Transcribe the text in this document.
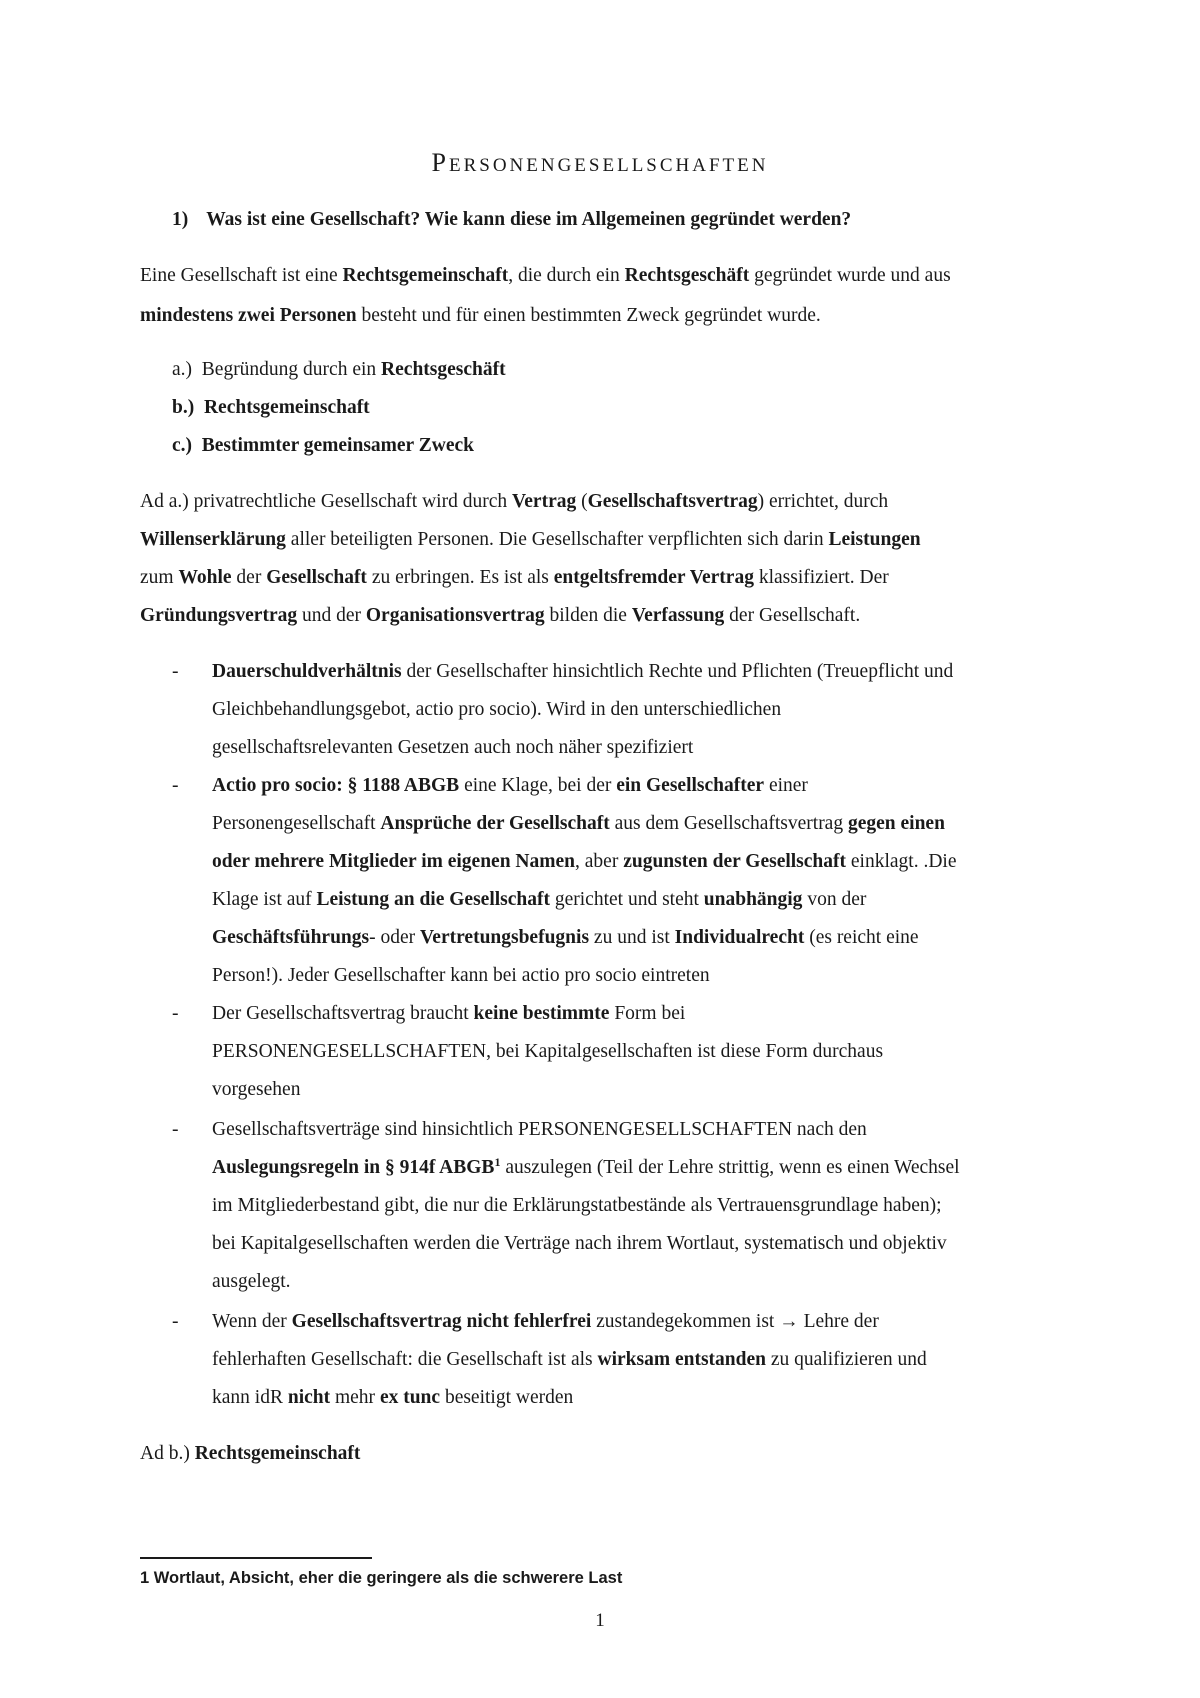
PERSONENGESELLSCHAFTEN
1) Was ist eine Gesellschaft? Wie kann diese im Allgemeinen gegründet werden?
Eine Gesellschaft ist eine Rechtsgemeinschaft, die durch ein Rechtsgeschäft gegründet wurde und aus
mindestens zwei Personen besteht und für einen bestimmten Zweck gegründet wurde.
a.)  Begründung durch ein Rechtsgeschäft
b.)  Rechtsgemeinschaft
c.)  Bestimmter gemeinsamer Zweck
Ad a.) privatrechtliche Gesellschaft wird durch Vertrag (Gesellschaftsvertrag) errichtet, durch
Willenserklärung aller beteiligten Personen. Die Gesellschafter verpflichten sich darin Leistungen
zum Wohle der Gesellschaft zu erbringen. Es ist als entgeltsfremder Vertrag klassifiziert. Der
Gründungsvertrag und der Organisationsvertrag bilden die Verfassung der Gesellschaft.
- Dauerschuldverhältnis der Gesellschafter hinsichtlich Rechte und Pflichten (Treuepflicht und
Gleichbehandlungsgebot, actio pro socio). Wird in den unterschiedlichen
gesellschaftsrelevanten Gesetzen auch noch näher spezifiziert
- Actio pro socio: § 1188 ABGB eine Klage, bei der ein Gesellschafter einer
Personengesellschaft Ansprüche der Gesellschaft aus dem Gesellschaftsvertrag gegen einen
oder mehrere Mitglieder im eigenen Namen, aber zugunsten der Gesellschaft einklagt. .Die
Klage ist auf Leistung an die Gesellschaft gerichtet und steht unabhängig von der
Geschäftsführungs- oder Vertretungsbefugnis zu und ist Individualrecht (es reicht eine
Person!). Jeder Gesellschafter kann bei actio pro socio eintreten
- Der Gesellschaftsvertrag braucht keine bestimmte Form bei
PERSONENGESELLSCHAFTEN, bei Kapitalgesellschaften ist diese Form durchaus
vorgesehen
- Gesellschaftsverträge sind hinsichtlich PERSONENGESELLSCHAFTEN nach den
Auslegungsregeln in § 914f ABGB$^1$ auszulegen (Teil der Lehre strittig, wenn es einen Wechsel
im Mitgliederbestand gibt, die nur die Erklärungstatbestände als Vertrauensgrundlage haben);
bei Kapitalgesellschaften werden die Verträge nach ihrem Wortlaut, systematisch und objektiv
ausgelegt.
- Wenn der Gesellschaftsvertrag nicht fehlerfrei zustandegekommen ist → Lehre der
fehlerhaften Gesellschaft: die Gesellschaft ist als wirksam entstanden zu qualifizieren und
kann idR nicht mehr ex tunc beseitigt werden
Ad b.) Rechtsgemeinschaft
1 Wortlaut, Absicht, eher die geringere als die schwerere Last
1
